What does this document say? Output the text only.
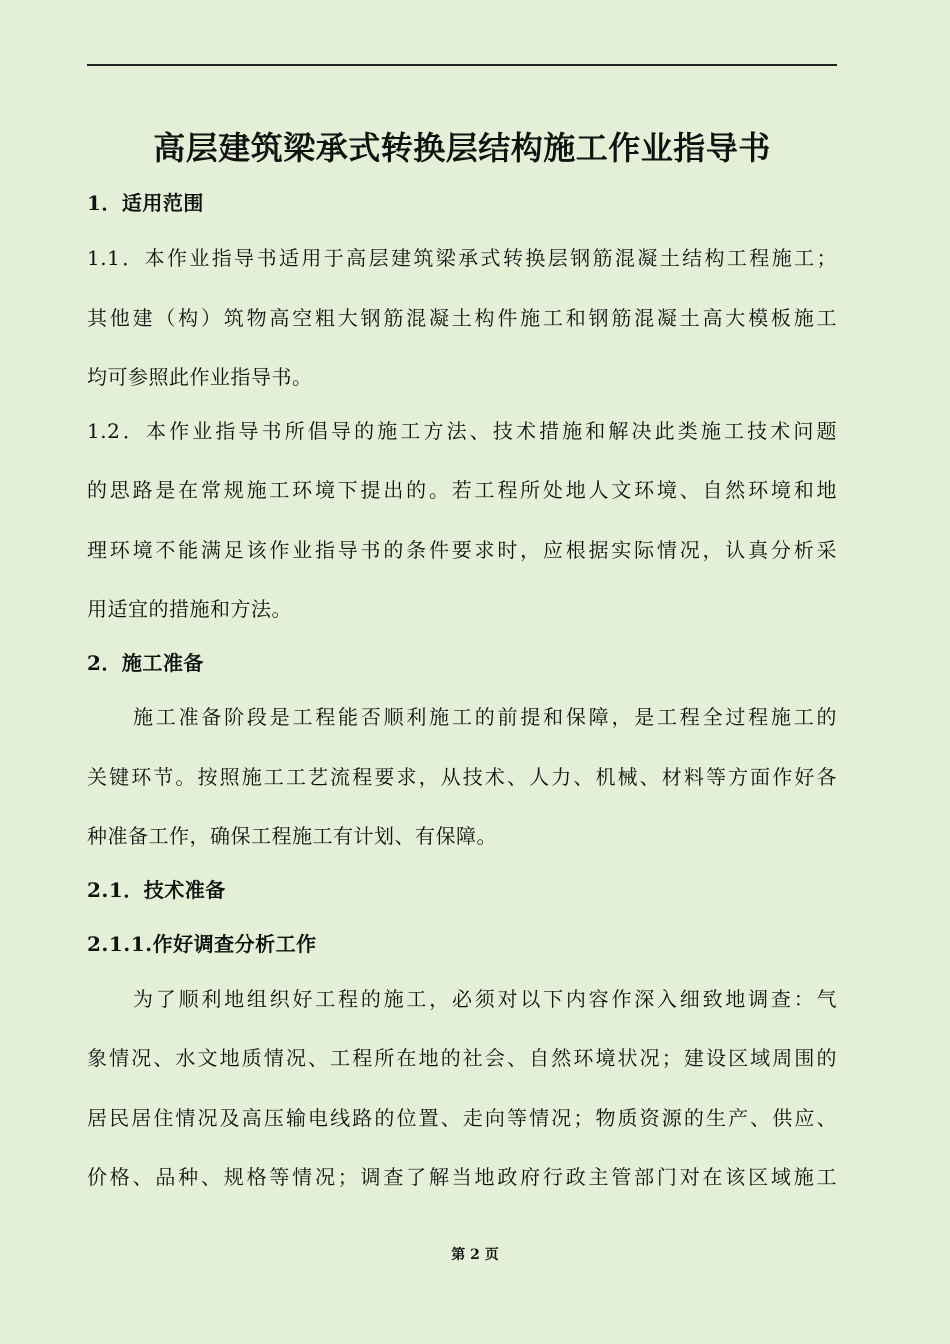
高层建筑梁承式转换层结构施工作业指导书
1．适用范围
1.1．本作业指导书适用于高层建筑梁承式转换层钢筋混凝土结构工程施工；
其他建（构）筑物高空粗大钢筋混凝土构件施工和钢筋混凝土高大模板施工
均可参照此作业指导书。
1.2．本作业指导书所倡导的施工方法、技术措施和解决此类施工技术问题
的思路是在常规施工环境下提出的。若工程所处地人文环境、自然环境和地
理环境不能满足该作业指导书的条件要求时，应根据实际情况，认真分析采
用适宜的措施和方法。
2．施工准备
施工准备阶段是工程能否顺利施工的前提和保障，是工程全过程施工的
关键环节。按照施工工艺流程要求，从技术、人力、机械、材料等方面作好各
种准备工作，确保工程施工有计划、有保障。
2.1．技术准备
2.1.1.作好调查分析工作
为了顺利地组织好工程的施工，必须对以下内容作深入细致地调查：气
象情况、水文地质情况、工程所在地的社会、自然环境状况；建设区域周围的
居民居住情况及高压输电线路的位置、走向等情况；物质资源的生产、供应、
价格、品种、规格等情况；调查了解当地政府行政主管部门对在该区域施工
第 2 页
